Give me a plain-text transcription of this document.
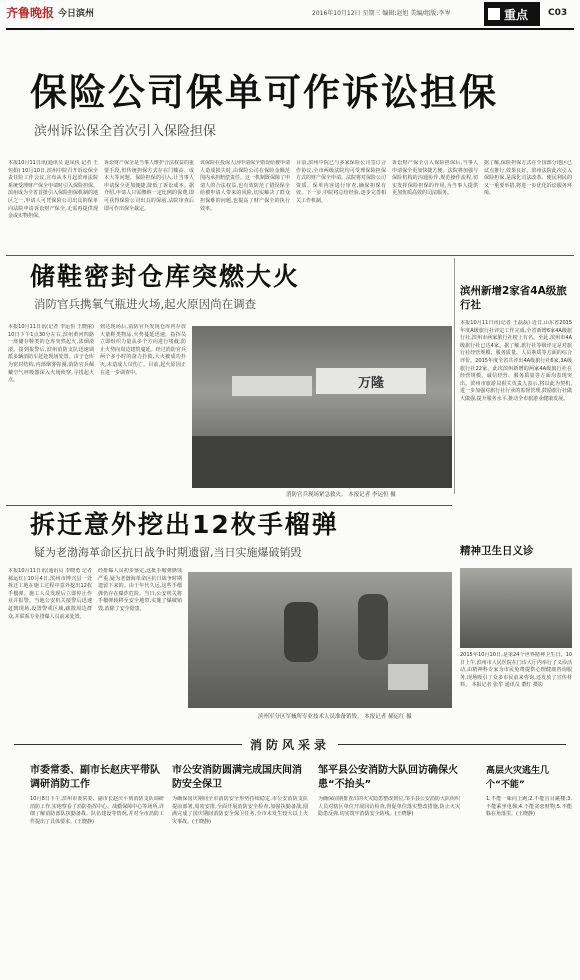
齐鲁晚报 今日滨州	2016年10月12日 星期三 编辑:赵旭 美编/组版:李岑	重点 C03
保险公司保单可作诉讼担保
滨州诉讼保全首次引入保险担保
本报10月11日讯(通讯员 赵凤侠 记者 王恒娟) 10月10日,滨州中院召开诉讼保全责任险工作会议,宣布从本月起滨州法院系统受理财产保全申请时引入保险担保。滨州成为全省首批引入保险担保机制的地区之一,申请人可凭保险公司出具的保单向法院申请诉讼财产保全,无需再提供现金或实物担保。
诉讼财产保全是当事人维护合法权益的重要手段,但传统担保方式存在门槛高、成本大等问题。保险担保的引入,让当事人申请保全更加便捷,降低了诉讼成本。据介绍,申请人只需缴纳一定比例的保费,即可获得保险公司出具的保函,法院审查后即可作出保全裁定。
该保险在投保人因申请保全错误给被申请人造成损失时,由保险公司在保险金额范围内承担赔偿责任。这一机制既保障了申请人的合法权益,也有效防范了错误保全给被申请人带来的风险,切实解决了群众担保难的问题,也提高了财产保全的执行效率。
目前,滨州中院已与多家保险公司签订合作协议,全市两级法院均可受理保险担保方式的财产保全申请。法院将对保险公司资质、保单内容进行审查,确保担保有效。下一步,中院将总结经验,逐步完善相关工作机制。
诉讼财产保全引入保险担保后,当事人申请保全更加快捷方便。法院将加强与保险机构的沟通协作,规范操作流程,切实发挥保险担保的作用,为当事人提供更加优质高效的司法服务。
据了解,保险担保方式在全国部分地区已试点推行,效果良好。滨州法院此次引入保险担保,是深化司法改革、便民利民的又一重要举措,将进一步优化诉讼服务环境。
储鞋密封仓库突燃大火
消防官兵携氧气瓶进火场,起火原因尚在调查
本报10月11日讯(记者 李运恒 王晓丽) 10日下午1点30分左右,滨州黄河四路一座储存鞋类的仓库突然起火,浓烟滚滚。接到报警后,滨州消防支队迅速调派多辆消防车赶赴现场处置。由于仓库为密封结构,内部烟雾弥漫,消防官兵佩戴空气呼吸器深入火场侦察,寻找起火点。
到达现场后,消防官兵发现仓库内存放大量鞋类物品,火势蔓延迅速。指挥员立即组织力量从多个方向进行堵截,防止火势向周边建筑蔓延。经过消防官兵两个多小时的奋力扑救,大火被成功扑灭,未造成人员伤亡。目前,起火原因正在进一步调查中。
万隆
消防官兵现场紧急救火。 本报记者 李运恒 摄
滨州新增2家省4A级旅行社
本报10月11日讯(记者 王磊磊) 近日,山东省2015年度A级旅行社评定工作完成,全省新增6家4A级旅行社,滨州市两家旅行社榜上有名。至此,滨州市4A级旅行社已达4家。据了解,旅行社等级评定是对旅行社经营规模、服务质量、人员素质等方面的综合评价。2015年度全省共评出4A级旅行社6家,3A级旅行社22家。此次滨州新增的两家4A级旅行社在经营规模、诚信经营、服务质量等方面均表现突出。滨州市旅游局相关负责人表示,将以此为契机,进一步加强对旅行社行业的监督管理,鼓励旅行社做大做强,提升服务水平,推动全市旅游业健康发展。
拆迁意外挖出12枚手榴弹
疑为老渤海革命区抗日战争时期遗留,当日实施爆破销毁
本报10月11日讯(通讯员 李晓勇 记者 郝运红) 10月4日,滨州市博兴县一处拆迁工地在施工过程中意外挖出12枚手榴弹。施工人员发现后立即停止作业并报警。当地公安机关接警后迅速赶到现场,设置警戒区域,疏散周边群众,并联系专业排爆人员前来处置。
经排爆人员初步鉴定,这批手榴弹锈蚀严重,疑为老渤海革命区抗日战争时期遗留下来的。由于年代久远,这些手榴弹仍存在爆炸危险。当日,公安机关将手榴弹转移至安全地带,实施了爆破销毁,消除了安全隐患。
滨州军分区军械所专业技术人员准备销毁。 本报记者 郝运红 摄
精神卫生日义诊
2015年10月10日,是第24个世界精神卫生日。10日上午,滨州市人民医院在门诊大厅内举行了义诊活动,由精神科专家为市民免费提供心理健康咨询服务,现场吸引了众多市民前来咨询,还发放了宣传材料。 本报记者 张牟 通讯员 董红 摄影
消防风采录
市委常委、副市长赵庆平带队调研消防工作
10月8日下午,滨州市委常委、副市长赵庆平到消防支队调研消防工作,实地察看了消防指挥中心、战勤保障中心等场所,详细了解消防部队执勤备战、队伍建设等情况,并对全市消防工作提出了具体要求。(王晓静)
市公安消防圆满完成国庆间消防安全保卫
为确保国庆期间全市消防安全形势持续稳定,市公安消防支队提前部署,周密安排,全面开展消防安全检查,加强执勤备战,圆满完成了国庆期间消防安全保卫任务,全市未发生较大以上火灾事故。(王晓静)
邹平县公安消防大队回访确保火患“不抬头”
为确保前期排查出的火灾隐患整改到位,邹平县公安消防大队组织人员对辖区单位开展回访检查,督促单位落实整改措施,防止火灾隐患反弹,切实筑牢消防安全防线。(王晓静)
高层火灾逃生几个“不能”
1.不能一味向上跑;2.不能盲目跳楼;3.不能乘坐电梯;4.不能贪恋财物;5.不能躲在角落里。(王晓静)
